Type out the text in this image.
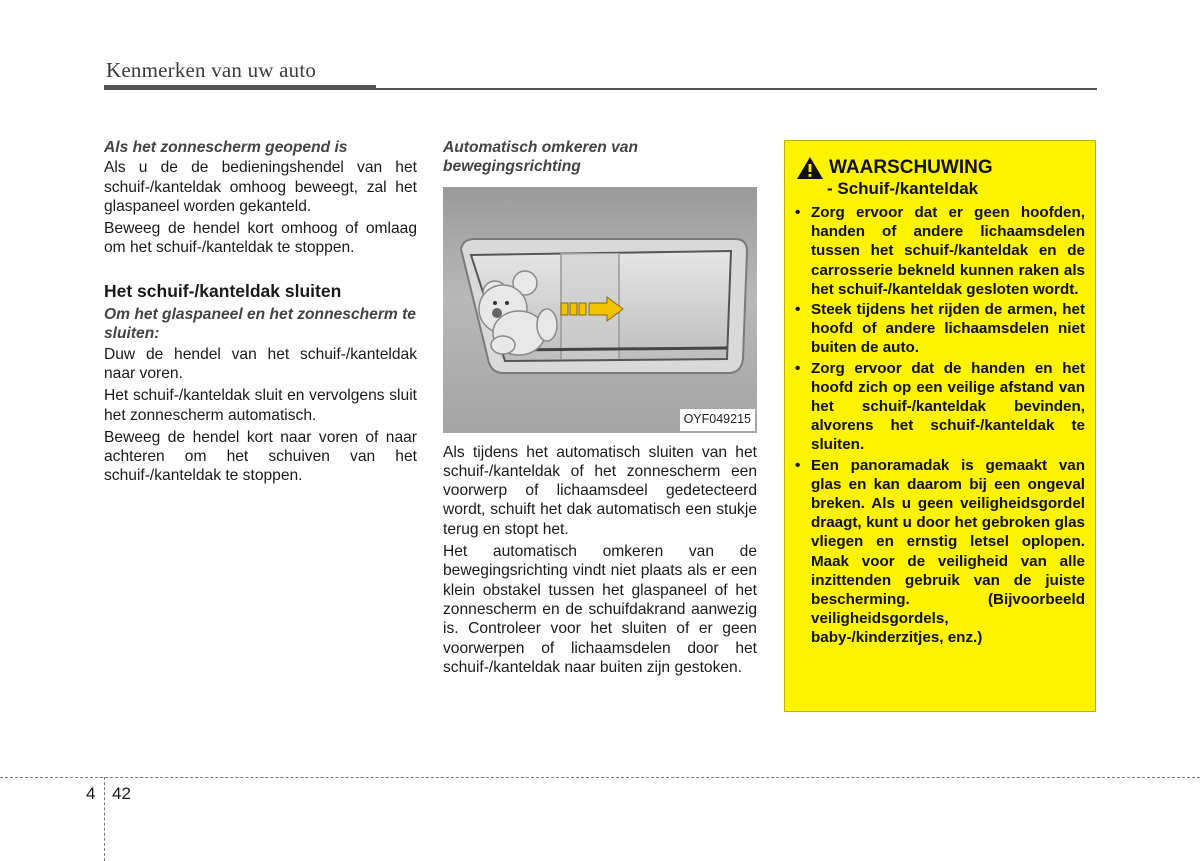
Kenmerken van uw auto

Als het zonnescherm geopend is

Als u de de bedieningshendel van het schuif-/kanteldak omhoog beweegt, zal het glaspaneel worden gekanteld.

Beweeg de hendel kort omhoog of omlaag om het schuif-/kanteldak te stoppen.

Het schuif-/kanteldak sluiten

Om het glaspaneel en het zonnescherm te sluiten:

Duw de hendel van het schuif-/kanteldak naar voren.

Het schuif-/kanteldak sluit en vervolgens sluit het zonnescherm automatisch.

Beweeg de hendel kort naar voren of naar achteren om het schuiven van het schuif-/kanteldak te stoppen.

Automatisch omkeren van bewegingsrichting

OYF049215

Als tijdens het automatisch sluiten van het schuif-/kanteldak of het zonnescherm een voorwerp of lichaamsdeel gedetecteerd wordt, schuift het dak automatisch een stukje terug en stopt het.

Het automatisch omkeren van de bewegingsrichting vindt niet plaats als er een klein obstakel tussen het glaspaneel of het zonnescherm en de schuifdakrand aanwezig is. Controleer voor het sluiten of er geen voorwerpen of lichaamsdelen door het schuif-/kanteldak naar buiten zijn gestoken.

WAARSCHUWING
- Schuif-/kanteldak
• Zorg ervoor dat er geen hoofden, handen of andere lichaamsdelen tussen het schuif-/kanteldak en de carrosserie bekneld kunnen raken als het schuif-/kanteldak gesloten wordt.
• Steek tijdens het rijden de armen, het hoofd of andere lichaamsdelen niet buiten de auto.
• Zorg ervoor dat de handen en het hoofd zich op een veilige afstand van het schuif-/kanteldak bevinden, alvorens het schuif-/kanteldak te sluiten.
• Een panoramadak is gemaakt van glas en kan daarom bij een ongeval breken. Als u geen veiligheidsgordel draagt, kunt u door het gebroken glas vliegen en ernstig letsel oplopen. Maak voor de veiligheid van alle inzittenden gebruik van de juiste bescherming. (Bijvoorbeeld veiligheidsgordels, baby-/kinderzitjes, enz.)
4 42
